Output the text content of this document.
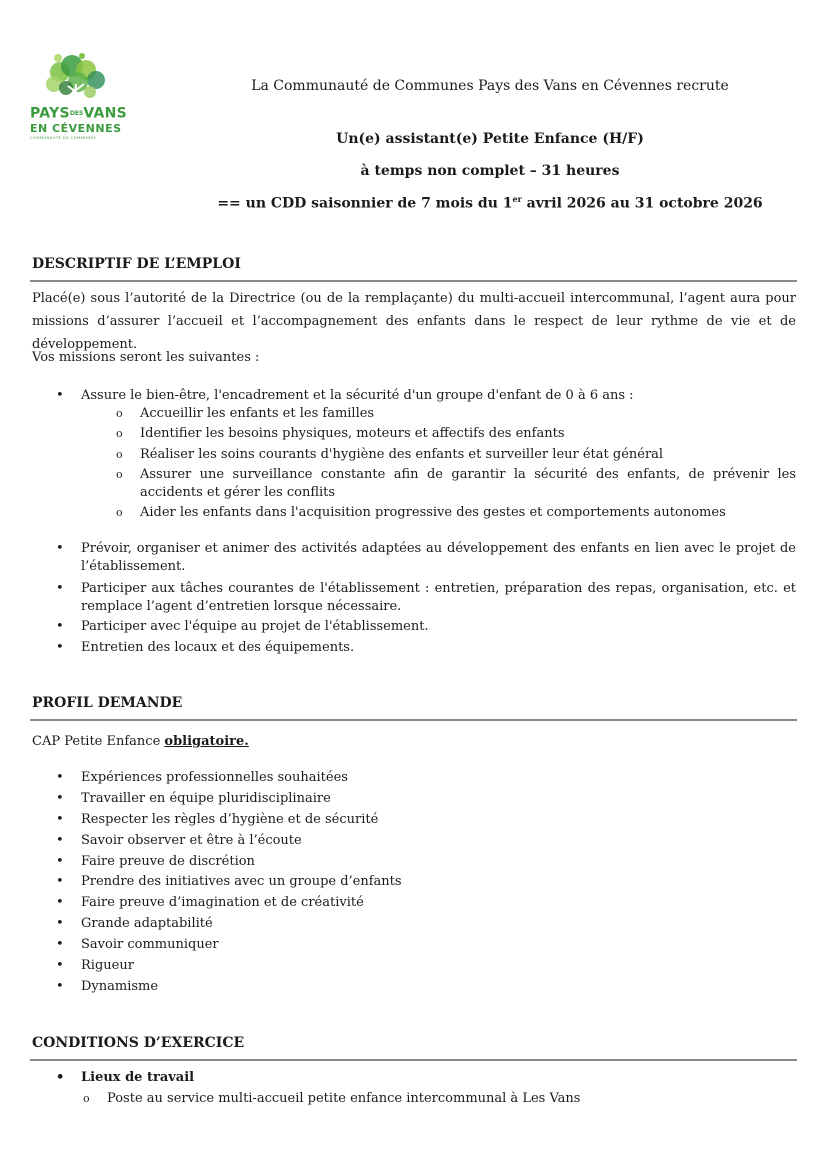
PAYSDESVANS
EN CÉVENNES
COMMUNAUTÉ DE COMMUNES
La Communauté de Communes Pays des Vans en Cévennes recrute
Un(e) assistant(e) Petite Enfance (H/F)
à temps non complet – 31 heures
== un CDD saisonnier de 7 mois du 1er avril 2026 au 31 octobre 2026
DESCRIPTIF DE L’EMPLOI
Placé(e) sous l’autorité de la Directrice (ou de la remplaçante) du multi-accueil intercommunal, l’agent aura pour missions d’assurer l’accueil et l’accompagnement des enfants dans le respect de leur rythme de vie et de développement.
Vos missions seront les suivantes :
• Assure le bien-être, l'encadrement et la sécurité d'un groupe d'enfant de 0 à 6 ans :
o Accueillir les enfants et les familles
o Identifier les besoins physiques, moteurs et affectifs des enfants
o Réaliser les soins courants d'hygiène des enfants et surveiller leur état général
o Assurer une surveillance constante afin de garantir la sécurité des enfants, de prévenir les accidents et gérer les conflits
o Aider les enfants dans l'acquisition progressive des gestes et comportements autonomes
• Prévoir, organiser et animer des activités adaptées au développement des enfants en lien avec le projet de l’établissement.
• Participer aux tâches courantes de l'établissement : entretien, préparation des repas, organisation, etc. et remplace l’agent d’entretien lorsque nécessaire.
• Participer avec l'équipe au projet de l'établissement.
• Entretien des locaux et des équipements.
PROFIL DEMANDE
CAP Petite Enfance obligatoire.
• Expériences professionnelles souhaitées
• Travailler en équipe pluridisciplinaire
• Respecter les règles d’hygiène et de sécurité
• Savoir observer et être à l’écoute
• Faire preuve de discrétion
• Prendre des initiatives avec un groupe d’enfants
• Faire preuve d’imagination et de créativité
• Grande adaptabilité
• Savoir communiquer
• Rigueur
• Dynamisme
CONDITIONS D’EXERCICE
• Lieux de travail
o Poste au service multi-accueil petite enfance intercommunal à Les Vans
